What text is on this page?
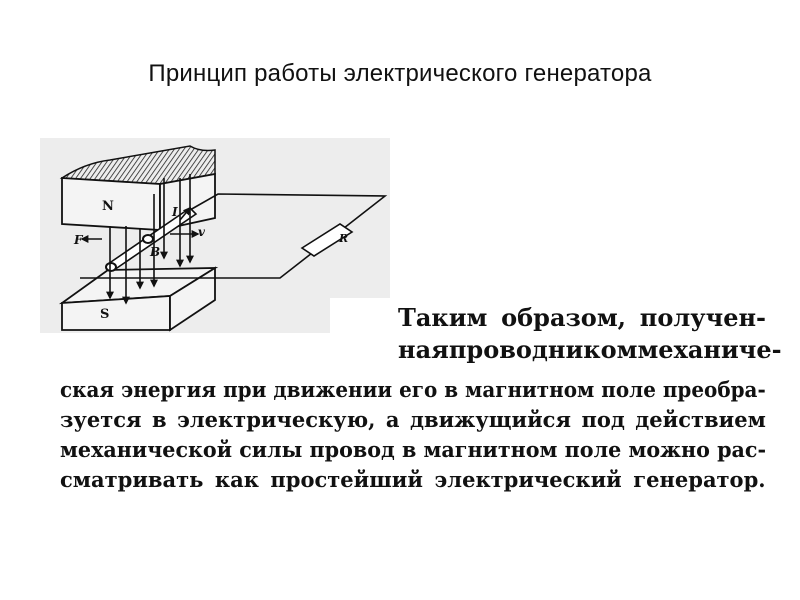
Принцип работы электрического генератора
N
S
F
v
I
B
R
Таким образом, получен-
ная проводником механиче-
ская энергия при движении его в магнитном поле преобра-
зуется в электрическую, а движущийся под действием
механической силы провод в магнитном поле можно рас-
сматривать как простейший электрический генератор.
